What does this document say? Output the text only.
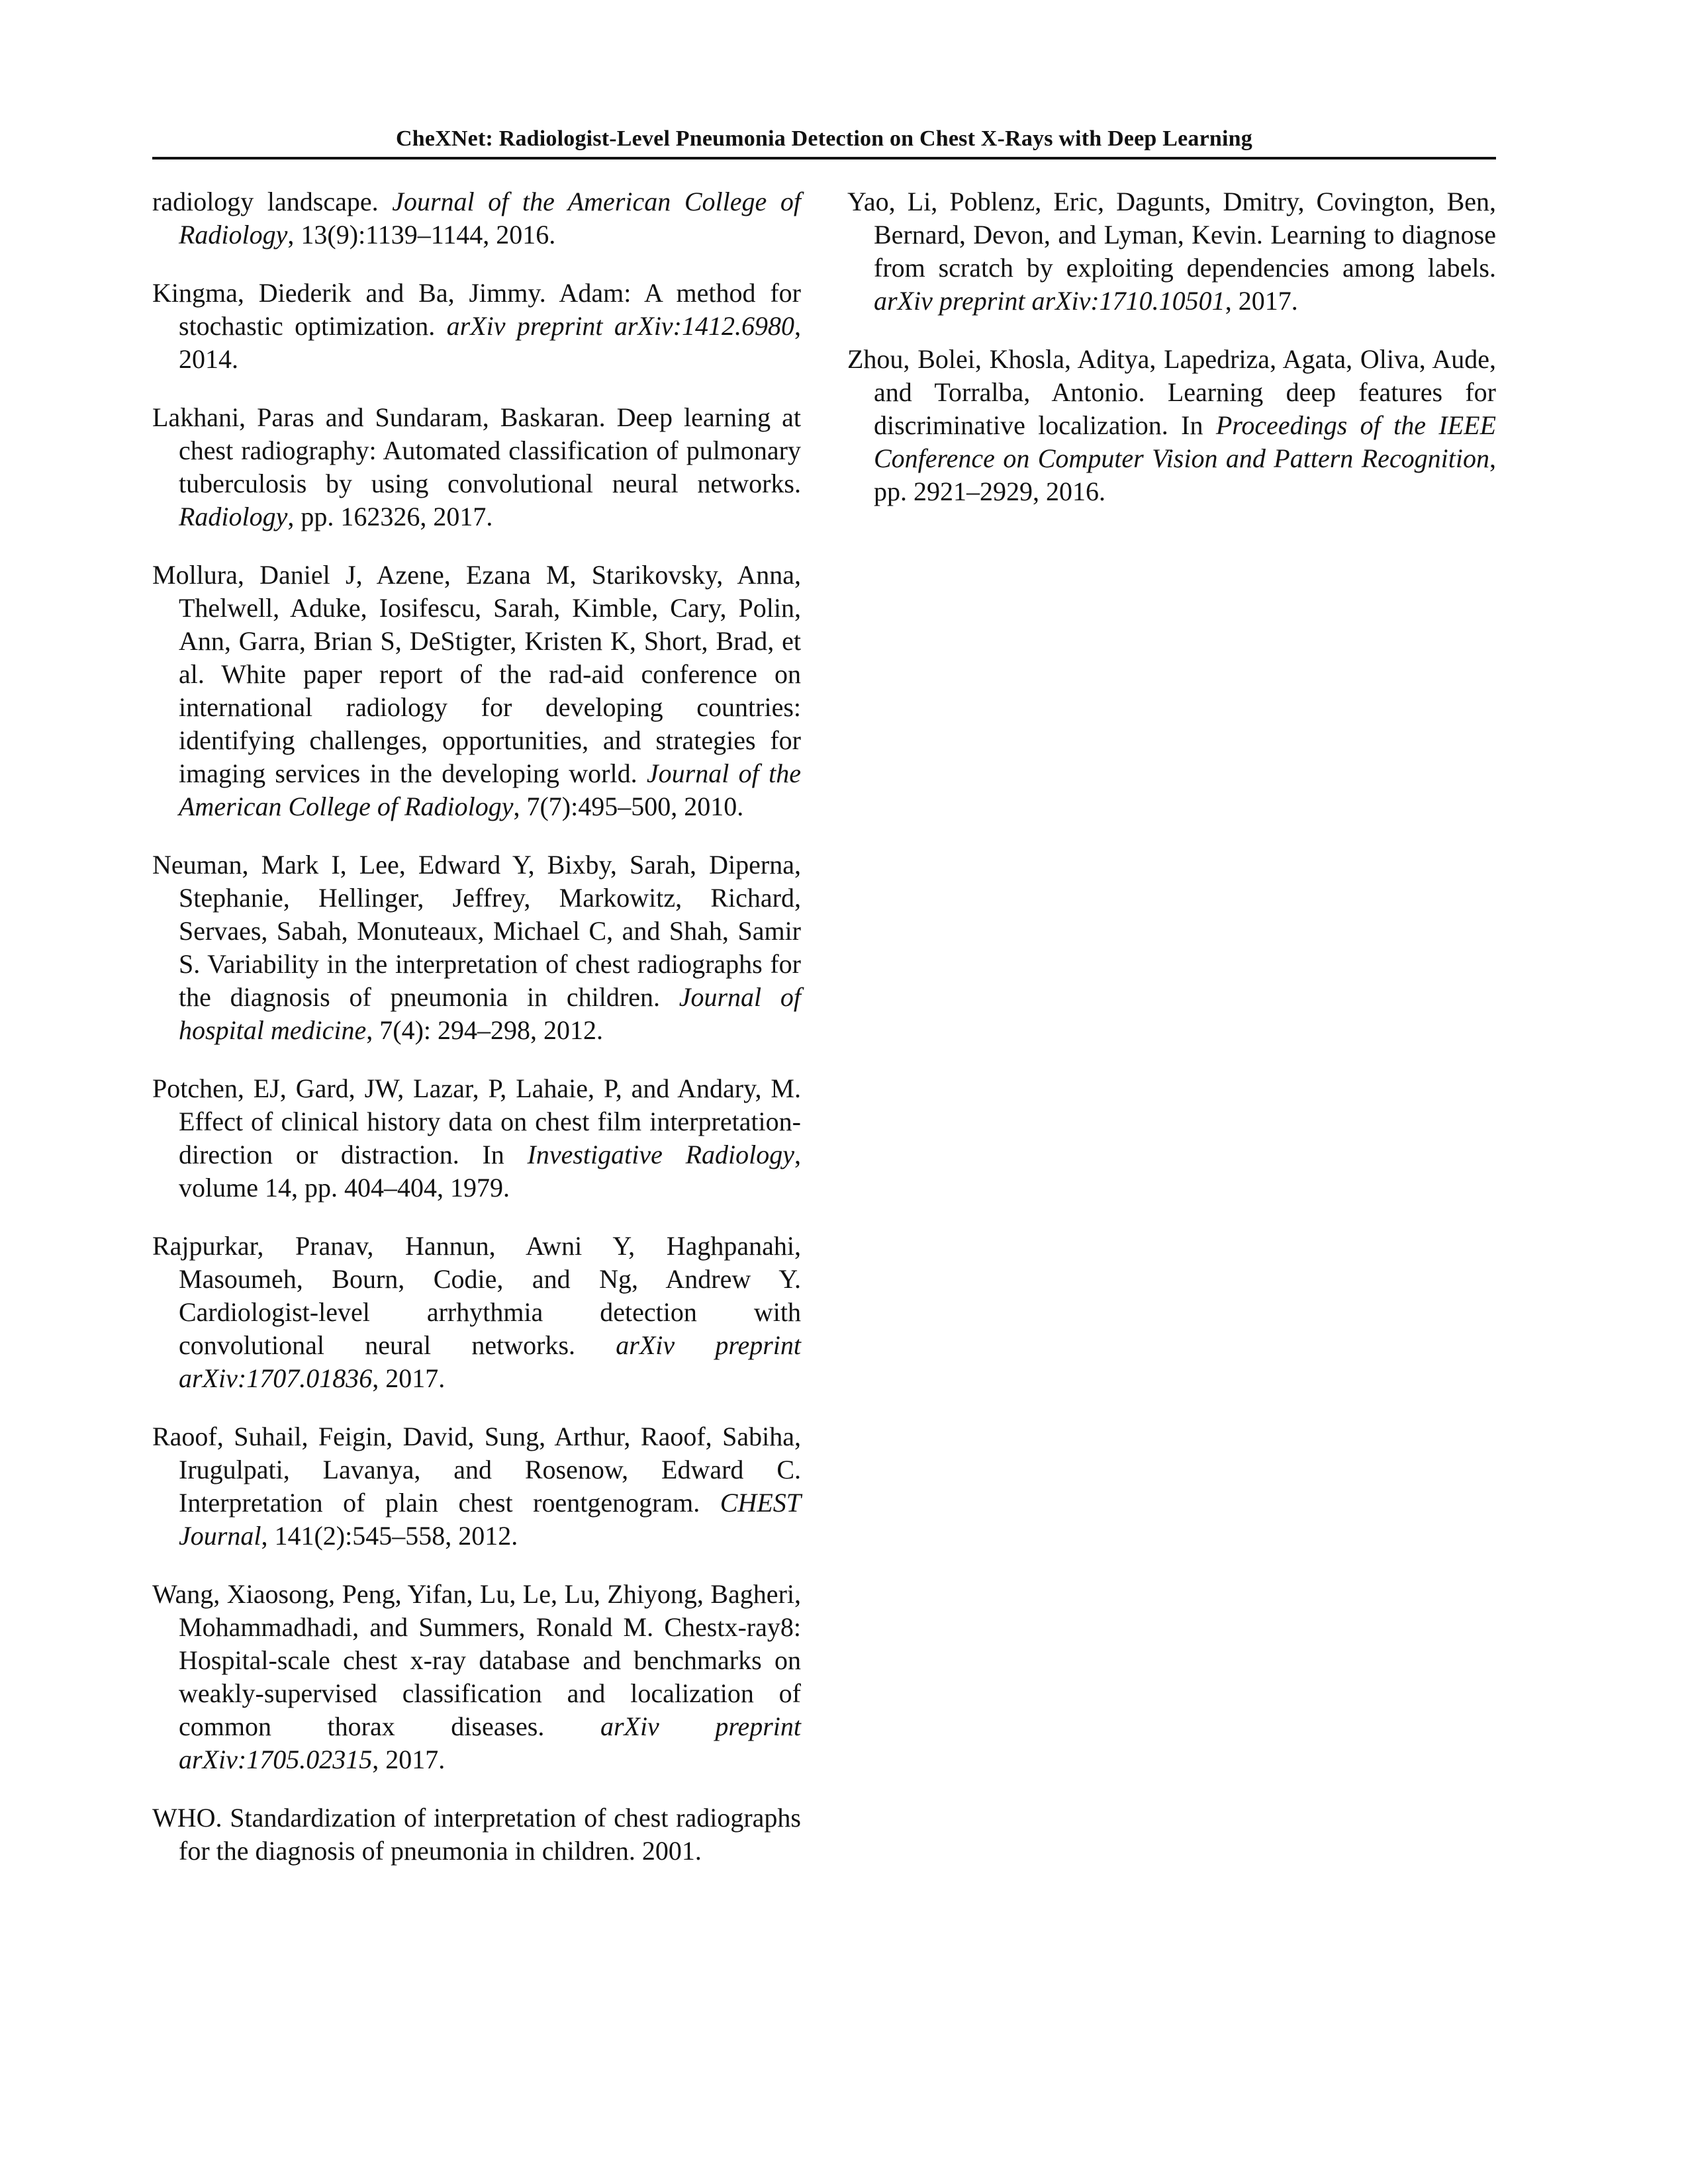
CheXNet: Radiologist-Level Pneumonia Detection on Chest X-Rays with Deep Learning

radiology landscape. Journal of the American College of Radiology, 13(9):1139–1144, 2016.

Kingma, Diederik and Ba, Jimmy. Adam: A method for stochastic optimization. arXiv preprint arXiv:1412.6980, 2014.

Lakhani, Paras and Sundaram, Baskaran. Deep learning at chest radiography: Automated classification of pulmonary tuberculosis by using convolutional neural networks. Radiology, pp. 162326, 2017.

Mollura, Daniel J, Azene, Ezana M, Starikovsky, Anna, Thelwell, Aduke, Iosifescu, Sarah, Kimble, Cary, Polin, Ann, Garra, Brian S, DeStigter, Kristen K, Short, Brad, et al. White paper report of the rad-aid conference on international radiology for developing countries: identifying challenges, opportunities, and strategies for imaging services in the developing world. Journal of the American College of Radiology, 7(7):495–500, 2010.

Neuman, Mark I, Lee, Edward Y, Bixby, Sarah, Diperna, Stephanie, Hellinger, Jeffrey, Markowitz, Richard, Servaes, Sabah, Monuteaux, Michael C, and Shah, Samir S. Variability in the interpretation of chest radiographs for the diagnosis of pneumonia in children. Journal of hospital medicine, 7(4): 294–298, 2012.

Potchen, EJ, Gard, JW, Lazar, P, Lahaie, P, and Andary, M. Effect of clinical history data on chest film interpretation-direction or distraction. In Investigative Radiology, volume 14, pp. 404–404, 1979.

Rajpurkar, Pranav, Hannun, Awni Y, Haghpanahi, Masoumeh, Bourn, Codie, and Ng, Andrew Y. Cardiologist-level arrhythmia detection with convolutional neural networks. arXiv preprint arXiv:1707.01836, 2017.

Raoof, Suhail, Feigin, David, Sung, Arthur, Raoof, Sabiha, Irugulpati, Lavanya, and Rosenow, Edward C. Interpretation of plain chest roentgenogram. CHEST Journal, 141(2):545–558, 2012.

Wang, Xiaosong, Peng, Yifan, Lu, Le, Lu, Zhiyong, Bagheri, Mohammadhadi, and Summers, Ronald M. Chestx-ray8: Hospital-scale chest x-ray database and benchmarks on weakly-supervised classification and localization of common thorax diseases. arXiv preprint arXiv:1705.02315, 2017.

WHO. Standardization of interpretation of chest radiographs for the diagnosis of pneumonia in children. 2001.

Yao, Li, Poblenz, Eric, Dagunts, Dmitry, Covington, Ben, Bernard, Devon, and Lyman, Kevin. Learning to diagnose from scratch by exploiting dependencies among labels. arXiv preprint arXiv:1710.10501, 2017.

Zhou, Bolei, Khosla, Aditya, Lapedriza, Agata, Oliva, Aude, and Torralba, Antonio. Learning deep features for discriminative localization. In Proceedings of the IEEE Conference on Computer Vision and Pattern Recognition, pp. 2921–2929, 2016.
